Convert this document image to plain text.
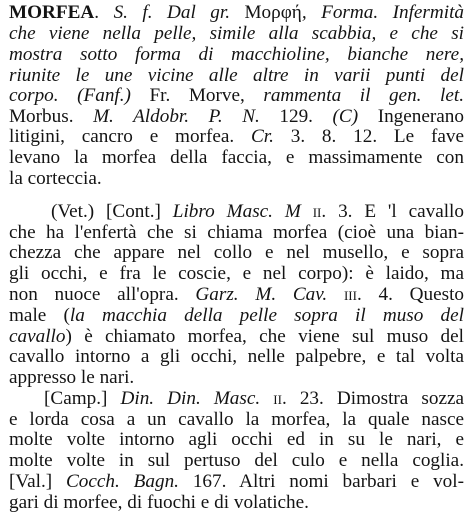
MORFEA. S. f. Dal gr. Μορφή, Forma. Infermità
che viene nella pelle, simile alla scabbia, e che si
mostra sotto forma di macchioline, bianche nere,
riunite le une vicine alle altre in varii punti del
corpo. (Fanf.) Fr. Morve, rammenta il gen. let.
Morbus. M. Aldobr. P. N. 129. (C) Ingenerano
litigini, cancro e morfea. Cr. 3. 8. 12. Le fave
levano la morfea della faccia, e massimamente con
la corteccia.
(Vet.) [Cont.] Libro Masc. M ii. 3. E 'l cavallo
che ha l'enfertà che si chiama morfea (cioè una bian-
chezza che appare nel collo e nel musello, e sopra
gli occhi, e fra le coscie, e nel corpo): è laido, ma
non nuoce all'opra. Garz. M. Cav. iii. 4. Questo
male (la macchia della pelle sopra il muso del
cavallo) è chiamato morfea, che viene sul muso del
cavallo intorno a gli occhi, nelle palpebre, e tal volta
appresso le nari.
[Camp.] Din. Din. Masc. ii. 23. Dimostra sozza
e lorda cosa a un cavallo la morfea, la quale nasce
molte volte intorno agli occhi ed in su le nari, e
molte volte in sul pertuso del culo e nella coglia.
[Val.] Cocch. Bagn. 167. Altri nomi barbari e vol-
gari di morfee, di fuochi e di volatiche.
